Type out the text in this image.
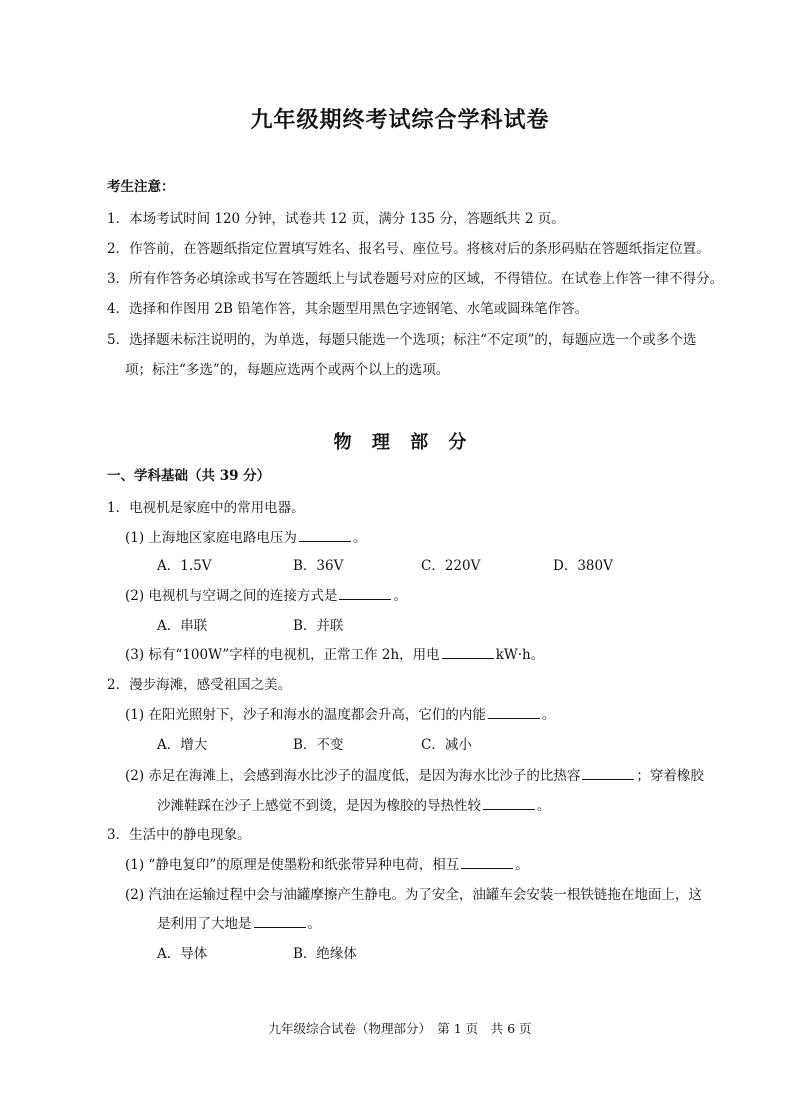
九年级期终考试综合学科试卷
考生注意：
1．本场考试时间 120 分钟，试卷共 12 页，满分 135 分，答题纸共 2 页。
2．作答前，在答题纸指定位置填写姓名、报名号、座位号。将核对后的条形码贴在答题纸指定位置。
3．所有作答务必填涂或书写在答题纸上与试卷题号对应的区域，不得错位。在试卷上作答一律不得分。
4．选择和作图用 2B 铅笔作答，其余题型用黑色字迹钢笔、水笔或圆珠笔作答。
5．选择题未标注说明的，为单选，每题只能选一个选项；标注“不定项”的，每题应选一个或多个选
项；标注“多选”的，每题应选两个或两个以上的选项。
物 理 部 分
一、学科基础（共 39 分）
1．电视机是家庭中的常用电器。
(1) 上海地区家庭电路电压为	。
A．1.5V	B．36V	C．220V	D．380V
(2) 电视机与空调之间的连接方式是	。
A．串联	B．并联
(3) 标有“100W”字样的电视机，正常工作 2h，用电	kW·h。
2．漫步海滩，感受祖国之美。
(1) 在阳光照射下，沙子和海水的温度都会升高，它们的内能	。
A．增大	B．不变	C．减小
(2) 赤足在海滩上，会感到海水比沙子的温度低，是因为海水比沙子的比热容	；穿着橡胶
沙滩鞋踩在沙子上感觉不到烫，是因为橡胶的导热性较	。
3．生活中的静电现象。
(1) “静电复印”的原理是使墨粉和纸张带异种电荷，相互	。
(2) 汽油在运输过程中会与油罐摩擦产生静电。为了安全，油罐车会安装一根铁链拖在地面上，这
是利用了大地是	。
A．导体	B．绝缘体
九年级综合试卷（物理部分）　第 1 页　共 6 页
